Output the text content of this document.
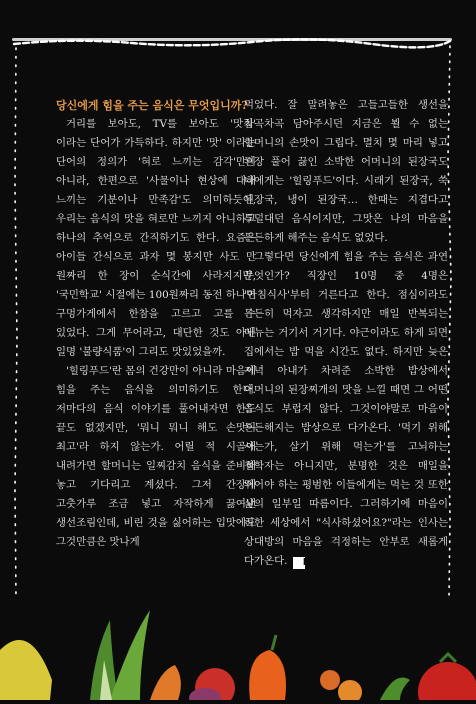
당신에게 힘을 주는 음식은 무엇입니까?

거리를 보아도, TV를 보아도 '맛집' 이라는 단어가 가득하다. 하지만 '맛' 이라는 단어의 정의가 '혀로 느끼는 감각'만이 아니라, 한편으로 '사물이나 현상에 대해 느끼는 기분이나 만족감'도 의미하듯이, 우리는 음식의 맛을 혀로만 느끼지 아니하고 하나의 추억으로 간직하기도 한다. 요즘은 아이들 간식으로 과자 몇 봉지만 사도 만 원짜리 한 장이 순식간에 사라지지만, '국민학교' 시절에는 100원짜리 동전 하나면 구멍가게에서 한참을 고르고 고를 수 있었다. 그게 무어라고, 대단한 것도 아닌 일명 '불량식품'이 그리도 맛있었을까.

'힐링푸드'란 몸의 건강만이 아니라 마음에 힘을 주는 음식을 의미하기도 한다. 저마다의 음식 이야기를 풀어내자면 한도 끝도 없겠지만, '뭐니 뭐니 해도 손맛이 최고'라 하지 않는가. 어릴 적 시골에 내려가면 할머니는 일찌감치 음식을 준비해 놓고 기다리고 계셨다. 그저 간장에 고춧가루 조금 넣고 자작하게 끓여낸 생선조림인데, 비린 것을 싫어하는 입맛에도 그것만큼은 맛나게

먹었다. 잘 말려놓은 고들고들한 생선을 차곡차곡 담아주시던 지금은 뵐 수 없는 할머니의 손맛이 그립다. 멸치 몇 마리 넣고 된장 풀어 끓인 소박한 어머니의 된장국도 나에게는 '힐링푸드'이다. 시래기 된장국, 쑥 된장국, 냉이 된장국… 한때는 지겹다고 투덜대던 음식이지만, 그맛은 나의 마음을 든든하게 해주는 음식도 없었다.

그렇다면 당신에게 힘을 주는 음식은 과연 무엇인가? 직장인 10명 중 4명은 '아침식사'부터 거른다고 한다. 점심이라도 든든히 먹자고 생각하지만 매일 반복되는 메뉴는 거기서 거기다. 야근이라도 하게 되면 집에서는 밥 먹을 시간도 없다. 하지만 늦은 저녁 아내가 차려준 소박한 밥상에서 어머니의 된장찌개의 맛을 느낄 때면 그 어떤 음식도 부럽지 않다. 그것이야말로 마음이 든든해지는 밥상으로 다가온다. '먹기 위해 사는가, 살기 위해 먹는가'를 고뇌하는 철학자는 아니지만, 분명한 것은 매일을 뛰어야 하는 평범한 이들에게는 먹는 것 또한 삶의 일부일 따름이다. 그러하기에 마음이 허한 세상에서 "식사하셨어요?"라는 인사는 상대방의 마음을 걱정하는 안부로 새롭게 다가온다. N
